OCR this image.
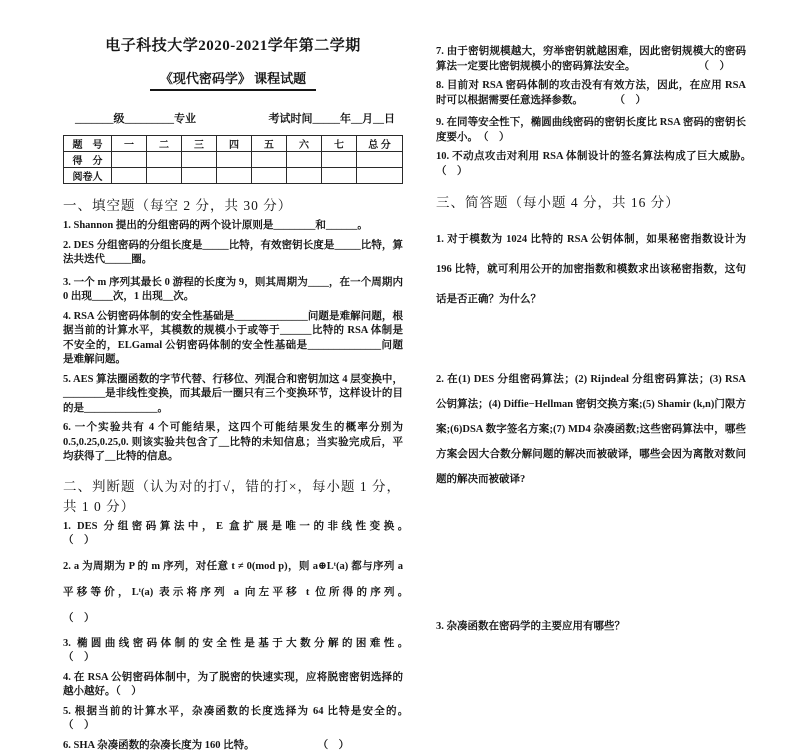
电子科技大学2020-2021学年第二学期
《现代密码学》 课程试题
_______级_________专业	考试时间_____年__月__日
题　号	一	二	三	四	五	六	七	总 分
得　分								
阅卷人								
一、填空题（每空 2 分，共 30 分）
1. Shannon 提出的分组密码的两个设计原则是________和______。
2. DES 分组密码的分组长度是_____比特，有效密钥长度是_____比特，算法共迭代_____圈。
3. 一个 m 序列其最长 0 游程的长度为 9，则其周期为____，在一个周期内 0 出现____次，1 出现__次。
4. RSA 公钥密码体制的安全性基础是______________问题是难解问题，根据当前的计算水平，其模数的规模小于或等于______比特的 RSA 体制是不安全的，ELGamal 公钥密码体制的安全性基础是______________问题是难解问题。
5. AES 算法圈函数的字节代替、行移位、列混合和密钥加这 4 层变换中，________是非线性变换，而其最后一圈只有三个变换环节，这样设计的目的是______________。
6. 一个实验共有 4 个可能结果，这四个可能结果发生的概率分别为 0.5,0.25,0.25,0. 则该实验共包含了__比特的未知信息；当实验完成后，平均获得了__比特的信息。
二、判断题（认为对的打√，错的打×，每小题 1 分，共 1 0 分）
1. DES 分组密码算法中，E 盒扩展是唯一的非线性变换。　　　　　　　（　）
2. a 为周期为 P 的 m 序列，对任意 t ≠ 0(mod p)，则 a⊕Lᵗ(a) 都与序列 a 平移等价，Lᵗ(a) 表示将序列 a 向左平移 t 位所得的序列。　　　　　　　（　）
3. 椭圆曲线密码体制的安全性是基于大数分解的困难性。　　　　　　　（　）
4. 在 RSA 公钥密码体制中，为了脱密的快速实现，应将脱密密钥选择的越小越好。（　）
5. 根据当前的计算水平，杂凑函数的长度选择为 64 比特是安全的。　　　（　）
6. SHA 杂凑函数的杂凑长度为 160 比特。　　　　　　　（　）
7. 由于密钥规模越大，穷举密钥就越困难，因此密钥规模大的密码算法一定要比密钥规模小的密码算法安全。　　　　　　　（　）
8. 目前对 RSA 密码体制的攻击没有有效方法，因此，在应用 RSA 时可以根据需要任意选择参数。　　　　（　）
9. 在同等安全性下，椭圆曲线密码的密钥长度比 RSA 密码的密钥长度要小。　（　）
10. 不动点攻击对利用 RSA 体制设计的签名算法构成了巨大威胁。　　　（　）
三、简答题（每小题 4 分，共 16 分）
1. 对于模数为 1024 比特的 RSA 公钥体制，如果秘密指数设计为 196 比特，就可利用公开的加密指数和模数求出该秘密指数，这句话是否正确？为什么？
2. 在(1) DES 分组密码算法；(2) Rijndeal 分组密码算法；(3) RSA 公钥算法；(4) Diffie−Hellman 密钥交换方案;(5) Shamir (k,n)门限方案;(6)DSA 数字签名方案;(7) MD4 杂凑函数;这些密码算法中，哪些方案会因大合数分解问题的解决而被破译，哪些会因为离散对数问题的解决而被破译?
3. 杂凑函数在密码学的主要应用有哪些？
